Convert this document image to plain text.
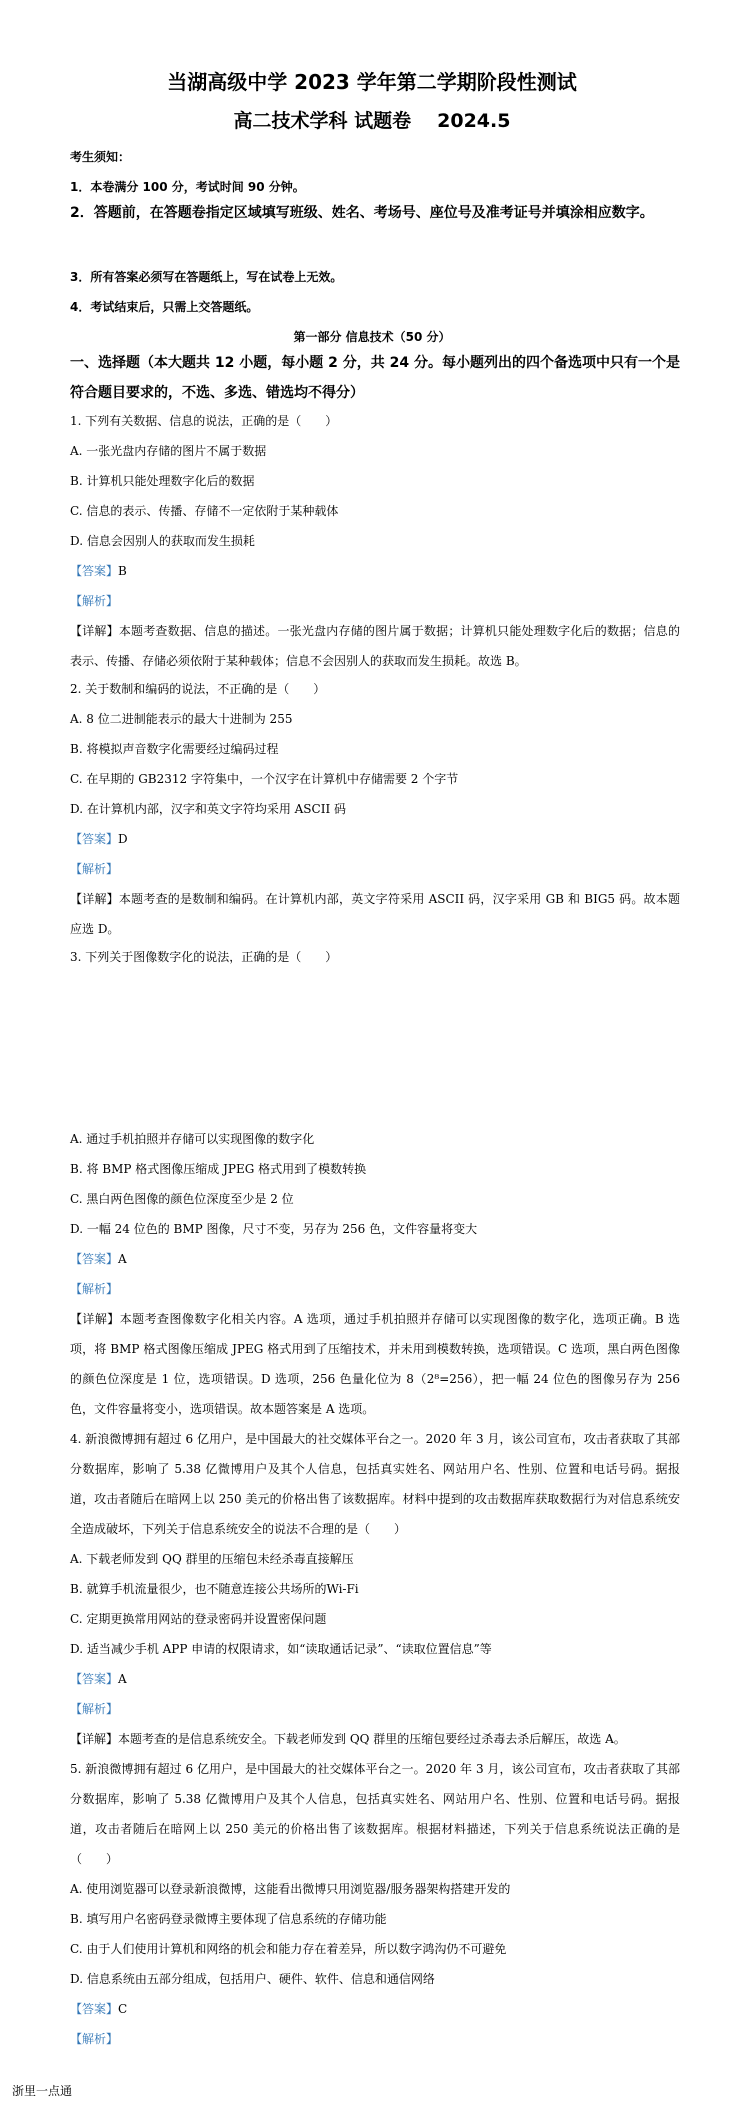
当湖高级中学 2023 学年第二学期阶段性测试
高二技术学科 试题卷 2024.5
考生须知：
1．本卷满分 100 分，考试时间 90 分钟。
2．答题前，在答题卷指定区域填写班级、姓名、考场号、座位号及准考证号并填涂相应数字。
3．所有答案必须写在答题纸上，写在试卷上无效。
4．考试结束后，只需上交答题纸。
第一部分 信息技术（50 分）
一、选择题（本大题共 12 小题，每小题 2 分，共 24 分。每小题列出的四个备选项中只有一个是符合题目要求的，不选、多选、错选均不得分）
1. 下列有关数据、信息的说法，正确的是（　　）
A. 一张光盘内存储的图片不属于数据
B. 计算机只能处理数字化后的数据
C. 信息的表示、传播、存储不一定依附于某种载体
D. 信息会因别人的获取而发生损耗
【答案】B
【解析】
【详解】本题考查数据、信息的描述。一张光盘内存储的图片属于数据；计算机只能处理数字化后的数据；信息的表示、传播、存储必须依附于某种载体；信息不会因别人的获取而发生损耗。故选 B。
2. 关于数制和编码的说法，不正确的是（　　）
A. 8 位二进制能表示的最大十进制为 255
B. 将模拟声音数字化需要经过编码过程
C. 在早期的 GB2312 字符集中，一个汉字在计算机中存储需要 2 个字节
D. 在计算机内部，汉字和英文字符均采用 ASCII 码
【答案】D
【解析】
【详解】本题考查的是数制和编码。在计算机内部，英文字符采用 ASCII 码，汉字采用 GB 和 BIG5 码。故本题应选 D。
3. 下列关于图像数字化的说法，正确的是（　　）
A. 通过手机拍照并存储可以实现图像的数字化
B. 将 BMP 格式图像压缩成 JPEG 格式用到了模数转换
C. 黑白两色图像的颜色位深度至少是 2 位
D. 一幅 24 位色的 BMP 图像，尺寸不变，另存为 256 色，文件容量将变大
【答案】A
【解析】
【详解】本题考查图像数字化相关内容。A 选项，通过手机拍照并存储可以实现图像的数字化，选项正确。B 选项，将 BMP 格式图像压缩成 JPEG 格式用到了压缩技术，并未用到模数转换，选项错误。C 选项，黑白两色图像的颜色位深度是 1 位，选项错误。D 选项，256 色量化位为 8（2⁸=256），把一幅 24 位色的图像另存为 256 色，文件容量将变小，选项错误。故本题答案是 A 选项。
4. 新浪微博拥有超过 6 亿用户，是中国最大的社交媒体平台之一。2020 年 3 月，该公司宣布，攻击者获取了其部分数据库，影响了 5.38 亿微博用户及其个人信息，包括真实姓名、网站用户名、性别、位置和电话号码。据报道，攻击者随后在暗网上以 250 美元的价格出售了该数据库。材料中提到的攻击数据库获取数据行为对信息系统安全造成破坏，下列关于信息系统安全的说法不合理的是（　　）
A. 下载老师发到 QQ 群里的压缩包未经杀毒直接解压
B. 就算手机流量很少，也不随意连接公共场所的Wi-Fi
C. 定期更换常用网站的登录密码并设置密保问题
D. 适当减少手机 APP 申请的权限请求，如“读取通话记录”、“读取位置信息”等
【答案】A
【解析】
【详解】本题考查的是信息系统安全。下载老师发到 QQ 群里的压缩包要经过杀毒去杀后解压，故选 A。
5. 新浪微博拥有超过 6 亿用户，是中国最大的社交媒体平台之一。2020 年 3 月，该公司宣布，攻击者获取了其部分数据库，影响了 5.38 亿微博用户及其个人信息，包括真实姓名、网站用户名、性别、位置和电话号码。据报道，攻击者随后在暗网上以 250 美元的价格出售了该数据库。根据材料描述，下列关于信息系统说法正确的是（　　）
A. 使用浏览器可以登录新浪微博，这能看出微博只用浏览器/服务器架构搭建开发的
B. 填写用户名密码登录微博主要体现了信息系统的存储功能
C. 由于人们使用计算机和网络的机会和能力存在着差异，所以数字鸿沟仍不可避免
D. 信息系统由五部分组成，包括用户、硬件、软件、信息和通信网络
【答案】C
【解析】
浙里一点通
